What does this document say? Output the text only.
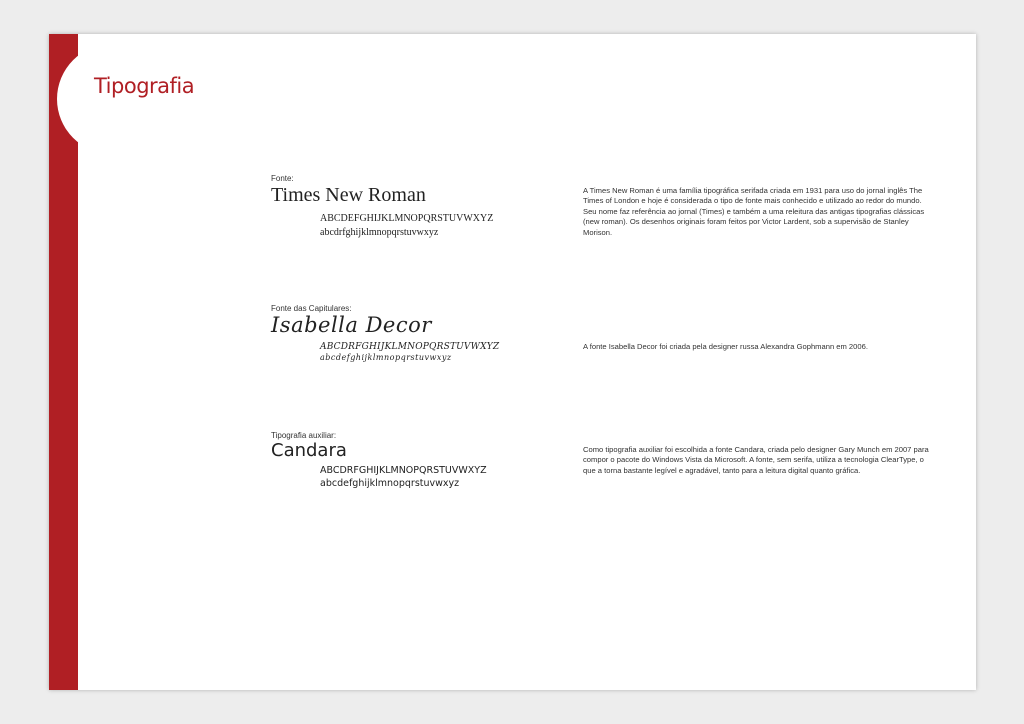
Tipografia

Fonte:

Times New Roman

ABCDEFGHIJKLMNOPQRSTUVWXYZ
abcdrfghijklmnopqrstuvwxyz

A Times New Roman é uma família tipográfica serifada criada em 1931 para uso do jornal inglês The Times of London e hoje é considerada o tipo de fonte mais conhecido e utilizado ao redor do mundo. Seu nome faz referência ao jornal (Times) e também a uma releitura das antigas tipografias clássicas (new roman). Os desenhos originais foram feitos por Victor Lardent, sob a supervisão de Stanley Morison.

Fonte das Capitulares:

Isabella Decor

ABCDRFGHIJKLMNOPQRSTUVWXYZ
abcdefghijklmnopqrstuvwxyz

A fonte Isabella Decor foi criada pela designer russa Alexandra Gophmann em 2006.

Tipografia auxiliar:

Candara

ABCDRFGHIJKLMNOPQRSTUVWXYZ
abcdefghijklmnopqrstuvwxyz

Como tipografia auxiliar foi escolhida a fonte Candara, criada pelo designer Gary Munch em 2007 para compor o pacote do Windows Vista da Microsoft. A fonte, sem serifa, utiliza a tecnologia ClearType, o que a torna bastante legível e agradável, tanto para a leitura digital quanto gráfica.
